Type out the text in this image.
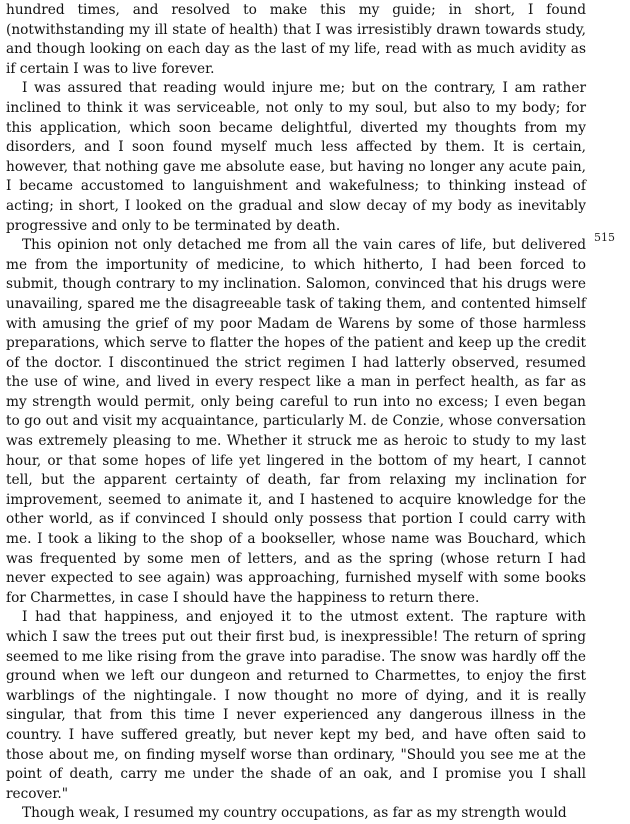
hundred times, and resolved to make this my guide; in short, I found (notwithstanding my ill state of health) that I was irresistibly drawn towards study, and though looking on each day as the last of my life, read with as much avidity as if certain I was to live forever.

I was assured that reading would injure me; but on the contrary, I am rather inclined to think it was serviceable, not only to my soul, but also to my body; for this application, which soon became delightful, diverted my thoughts from my disorders, and I soon found myself much less affected by them. It is certain, however, that nothing gave me absolute ease, but having no longer any acute pain, I became accustomed to languishment and wakefulness; to thinking instead of acting; in short, I looked on the gradual and slow decay of my body as inevitably progressive and only to be terminated by death.

This opinion not only detached me from all the vain cares of life, but delivered me from the importunity of medicine, to which hitherto, I had been forced to submit, though contrary to my inclination. Salomon, convinced that his drugs were unavailing, spared me the disagreeable task of taking them, and contented himself with amusing the grief of my poor Madam de Warens by some of those harmless preparations, which serve to flatter the hopes of the patient and keep up the credit of the doctor. I discontinued the strict regimen I had latterly observed, resumed the use of wine, and lived in every respect like a man in perfect health, as far as my strength would permit, only being careful to run into no excess; I even began to go out and visit my acquaintance, particularly M. de Conzie, whose conversation was extremely pleasing to me. Whether it struck me as heroic to study to my last hour, or that some hopes of life yet lingered in the bottom of my heart, I cannot tell, but the apparent certainty of death, far from relaxing my inclination for improvement, seemed to animate it, and I hastened to acquire knowledge for the other world, as if convinced I should only possess that portion I could carry with me. I took a liking to the shop of a bookseller, whose name was Bouchard, which was frequented by some men of letters, and as the spring (whose return I had never expected to see again) was approaching, furnished myself with some books for Charmettes, in case I should have the happiness to return there.

I had that happiness, and enjoyed it to the utmost extent. The rapture with which I saw the trees put out their first bud, is inexpressible! The return of spring seemed to me like rising from the grave into paradise. The snow was hardly off the ground when we left our dungeon and returned to Charmettes, to enjoy the first warblings of the nightingale. I now thought no more of dying, and it is really singular, that from this time I never experienced any dangerous illness in the country. I have suffered greatly, but never kept my bed, and have often said to those about me, on finding myself worse than ordinary, "Should you see me at the point of death, carry me under the shade of an oak, and I promise you I shall recover."

Though weak, I resumed my country occupations, as far as my strength would

515
